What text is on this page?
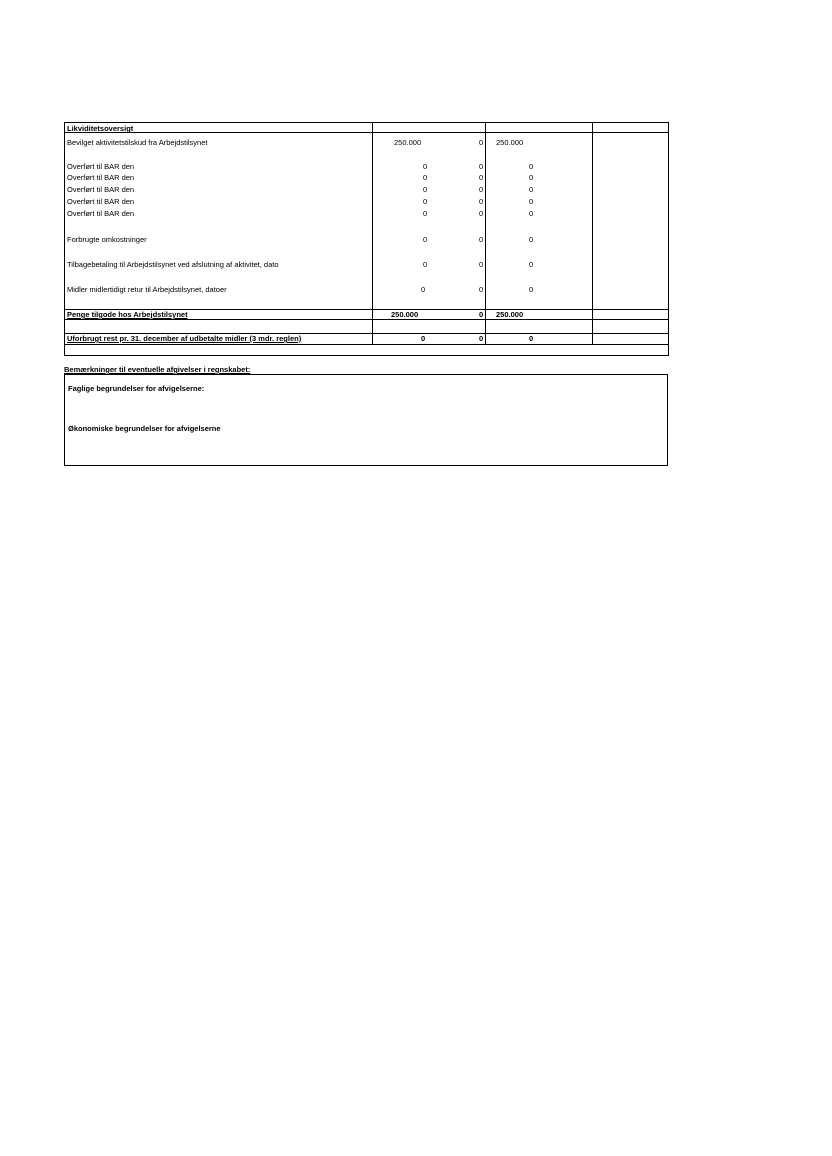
Likviditetsoversigt
Bevilget aktivitetstilskud fra Arbejdstilsynet	250.000	0 250.000
Overført til BAR den	0	0	0
Overført til BAR den	0	0	0
Overført til BAR den	0	0	0
Overført til BAR den	0	0	0
Overført til BAR den	0	0	0
Forbrugte omkostninger	0	0	0
Tilbagebetaling til Arbejdstilsynet ved afslutning af aktivitet, dato	0	0	0
Midler midlertidigt retur til Arbejdstilsynet, datoer	0	0	0
Penge tilgode hos Arbejdstilsynet	250.000	0 250.000
Uforbrugt rest pr. 31. december af udbetalte midler (3 mdr. reglen)	0	0	0
Bemærkninger til eventuelle afgivelser i regnskabet:
Faglige begrundelser for afvigelserne:
Økonomiske begrundelser for afvigelserne
